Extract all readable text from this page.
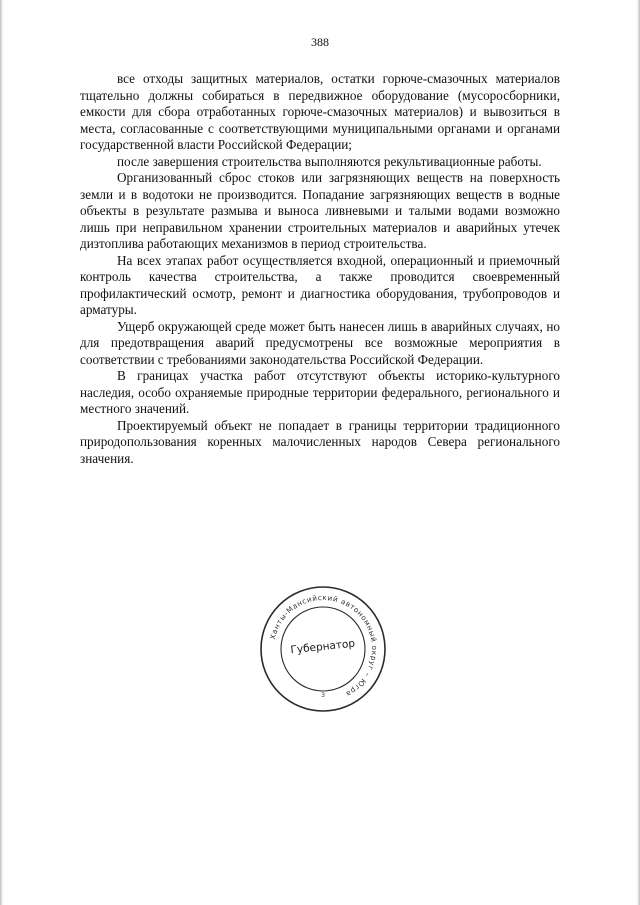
388

все отходы защитных материалов, остатки горюче-смазочных материалов тщательно должны собираться в передвижное оборудование (мусоросборники, емкости для сбора отработанных горюче-смазочных материалов) и вывозиться в места, согласованные с соответствующими муниципальными органами и органами государственной власти Российской Федерации;

после завершения строительства выполняются рекультивационные работы.

Организованный сброс стоков или загрязняющих веществ на поверхность земли и в водотоки не производится. Попадание загрязняющих веществ в водные объекты в результате размыва и выноса ливневыми и талыми водами возможно лишь при неправильном хранении строительных материалов и аварийных утечек дизтоплива работающих механизмов в период строительства.

На всех этапах работ осуществляется входной, операционный и приемочный контроль качества строительства, а также проводится своевременный профилактический осмотр, ремонт и диагностика оборудования, трубопроводов и арматуры.

Ущерб окружающей среде может быть нанесен лишь в аварийных случаях, но для предотвращения аварий предусмотрены все возможные мероприятия в соответствии с требованиями законодательства Российской Федерации.

В границах участка работ отсутствуют объекты историко-культурного наследия, особо охраняемые природные территории федерального, регионального и местного значений.

Проектируемый объект не попадает в границы территории традиционного природопользования коренных малочисленных народов Севера регионального значения.

Ханты-Мансийский автономный округ – Югра
Губернатор
3
